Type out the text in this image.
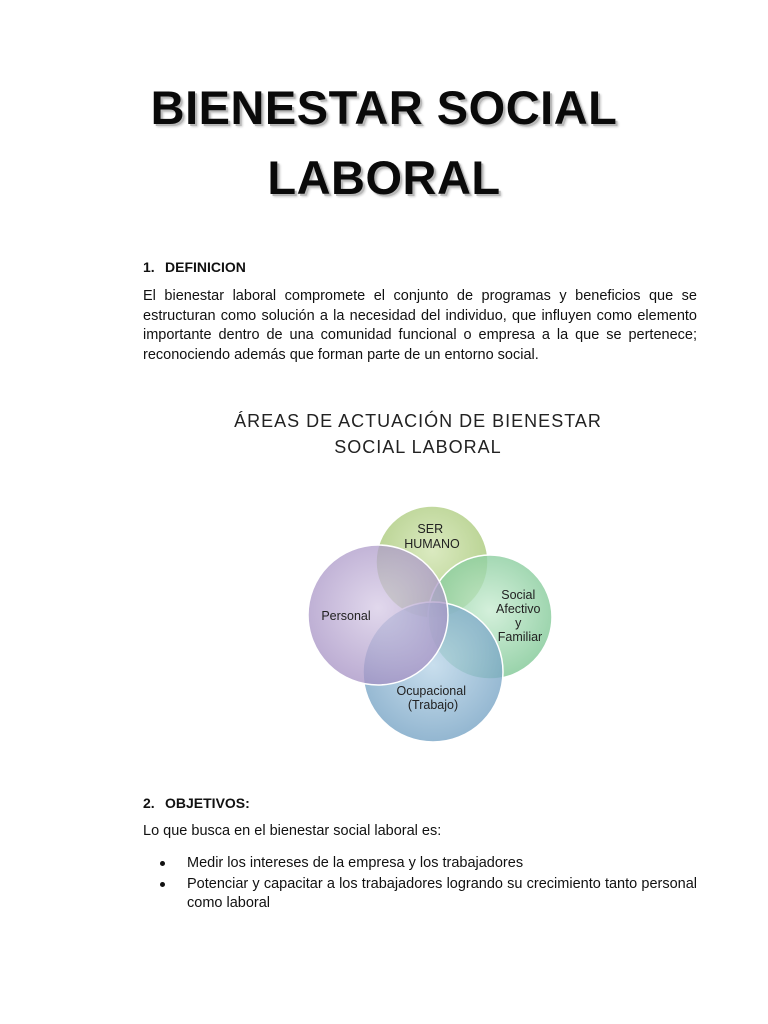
BIENESTAR SOCIAL
LABORAL
1. DEFINICION

El bienestar laboral compromete el conjunto de programas y beneficios que se estructuran como solución a la necesidad del individuo, que influyen como elemento importante dentro de una comunidad funcional o empresa a la que se pertenece; reconociendo además que forman parte de un entorno social.

ÁREAS DE ACTUACIÓN DE BIENESTAR
SOCIAL LABORAL
SER HUMANO
Social Afectivo y Familiar
Ocupacional (Trabajo)
Personal
2. OBJETIVOS:

Lo que busca en el bienestar social laboral es:

Medir los intereses de la empresa y los trabajadores
Potenciar y capacitar a los trabajadores logrando su crecimiento tanto personal como laboral
